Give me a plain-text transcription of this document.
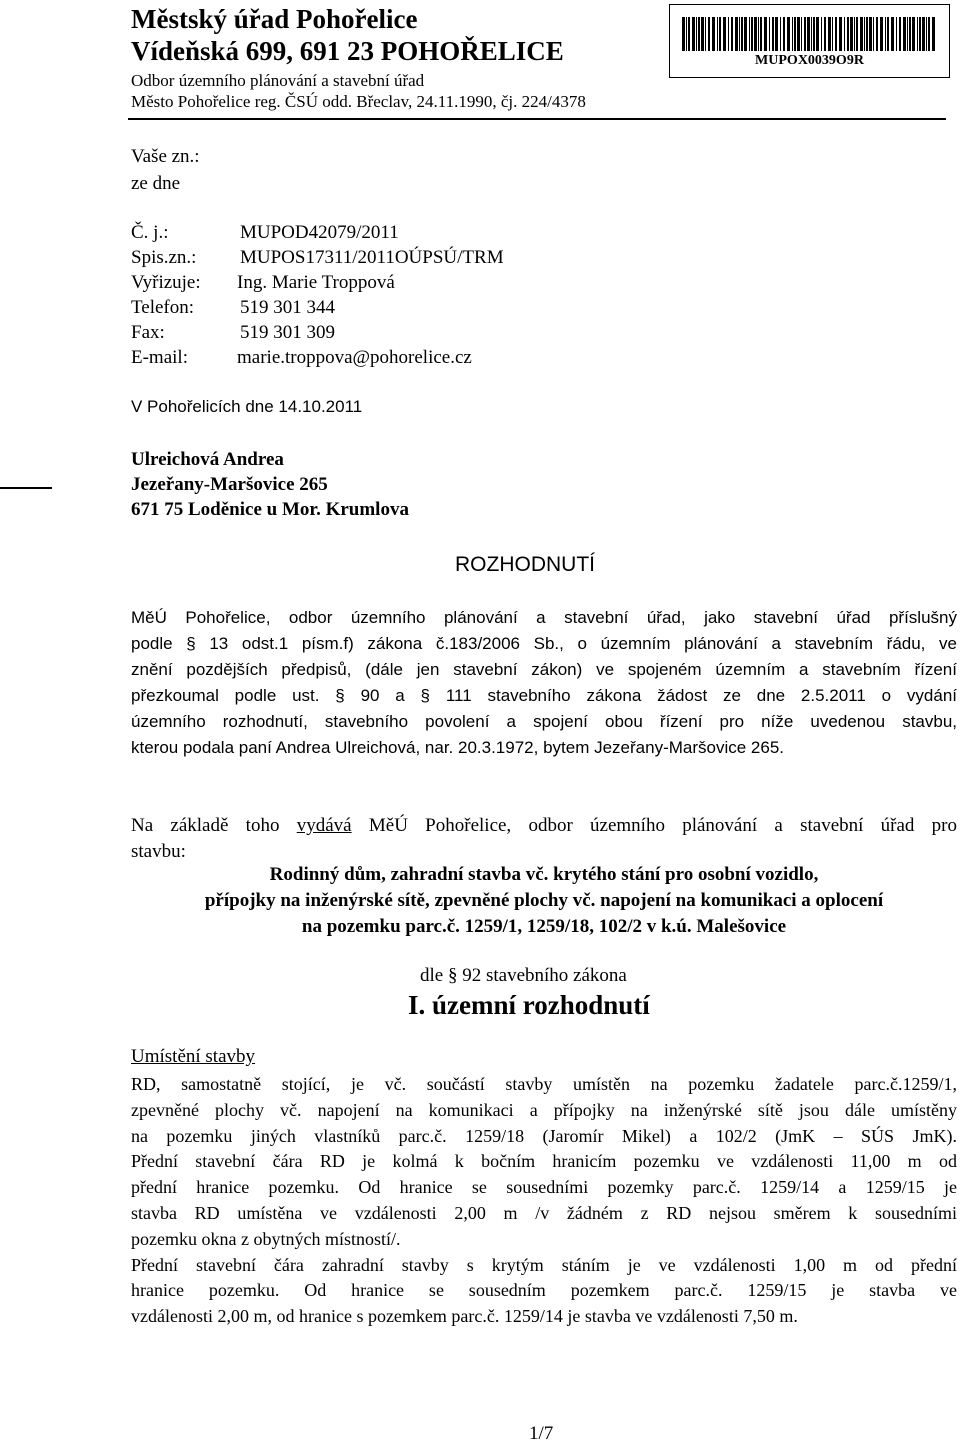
Městský úřad Pohořelice
Vídeňská 699, 691 23 POHOŘELICE
Odbor územního plánování a stavební úřad
Město Pohořelice reg. ČSÚ odd. Břeclav, 24.11.1990, čj. 224/4378
MUPOX0039O9R
Vaše zn.:
ze dne
Č. j.:	MUPOD42079/2011
Spis.zn.: MUPOS17311/2011OÚPSÚ/TRM
Vyřizuje: Ing. Marie Troppová
Telefon: 519 301 344
Fax:	519 301 309
E-mail:	marie.troppova@pohorelice.cz
V Pohořelicích dne 14.10.2011
Ulreichová Andrea
Jezeřany-Maršovice 265
671 75 Loděnice u Mor. Krumlova
ROZHODNUTÍ

MěÚ Pohořelice, odbor územního plánování a stavební úřad, jako stavební úřad příslušný

podle § 13 odst.1 písm.f) zákona č.183/2006 Sb., o územním plánování a stavebním řádu, ve

znění pozdějších předpisů, (dále jen stavební zákon) ve spojeném územním a stavebním řízení

přezkoumal podle ust. § 90 a § 111 stavebního zákona žádost ze dne 2.5.2011 o vydání

územního rozhodnutí, stavebního povolení a spojení obou řízení pro níže uvedenou stavbu,

kterou podala paní Andrea Ulreichová, nar. 20.3.1972, bytem Jezeřany-Maršovice 265.

Na základě toho vydává MěÚ Pohořelice, odbor územního plánování a stavební úřad pro

stavbu:

Rodinný dům, zahradní stavba vč. krytého stání pro osobní vozidlo,
přípojky na inženýrské sítě, zpevněné plochy vč. napojení na komunikaci a oplocení
na pozemku parc.č. 1259/1, 1259/18, 102/2 v k.ú. Malešovice
dle § 92 stavebního zákona
I. územní rozhodnutí
Umístění stavby

RD, samostatně stojící, je vč. součástí stavby umístěn na pozemku žadatele parc.č.1259/1,

zpevněné plochy vč. napojení na komunikaci a přípojky na inženýrské sítě jsou dále umístěny

na pozemku jiných vlastníků parc.č. 1259/18 (Jaromír Mikel) a 102/2 (JmK – SÚS JmK).

Přední stavební čára RD je kolmá k bočním hranicím pozemku ve vzdálenosti 11,00 m od

přední hranice pozemku. Od hranice se sousedními pozemky parc.č. 1259/14 a 1259/15 je

stavba RD umístěna ve vzdálenosti 2,00 m /v žádném z RD nejsou směrem k sousedními

pozemku okna z obytných místností/.

Přední stavební čára zahradní stavby s krytým stáním je ve vzdálenosti 1,00 m od přední

hranice pozemku. Od hranice se sousedním pozemkem parc.č. 1259/15 je stavba ve

vzdálenosti 2,00 m, od hranice s pozemkem parc.č. 1259/14 je stavba ve vzdálenosti 7,50 m.

1/7
